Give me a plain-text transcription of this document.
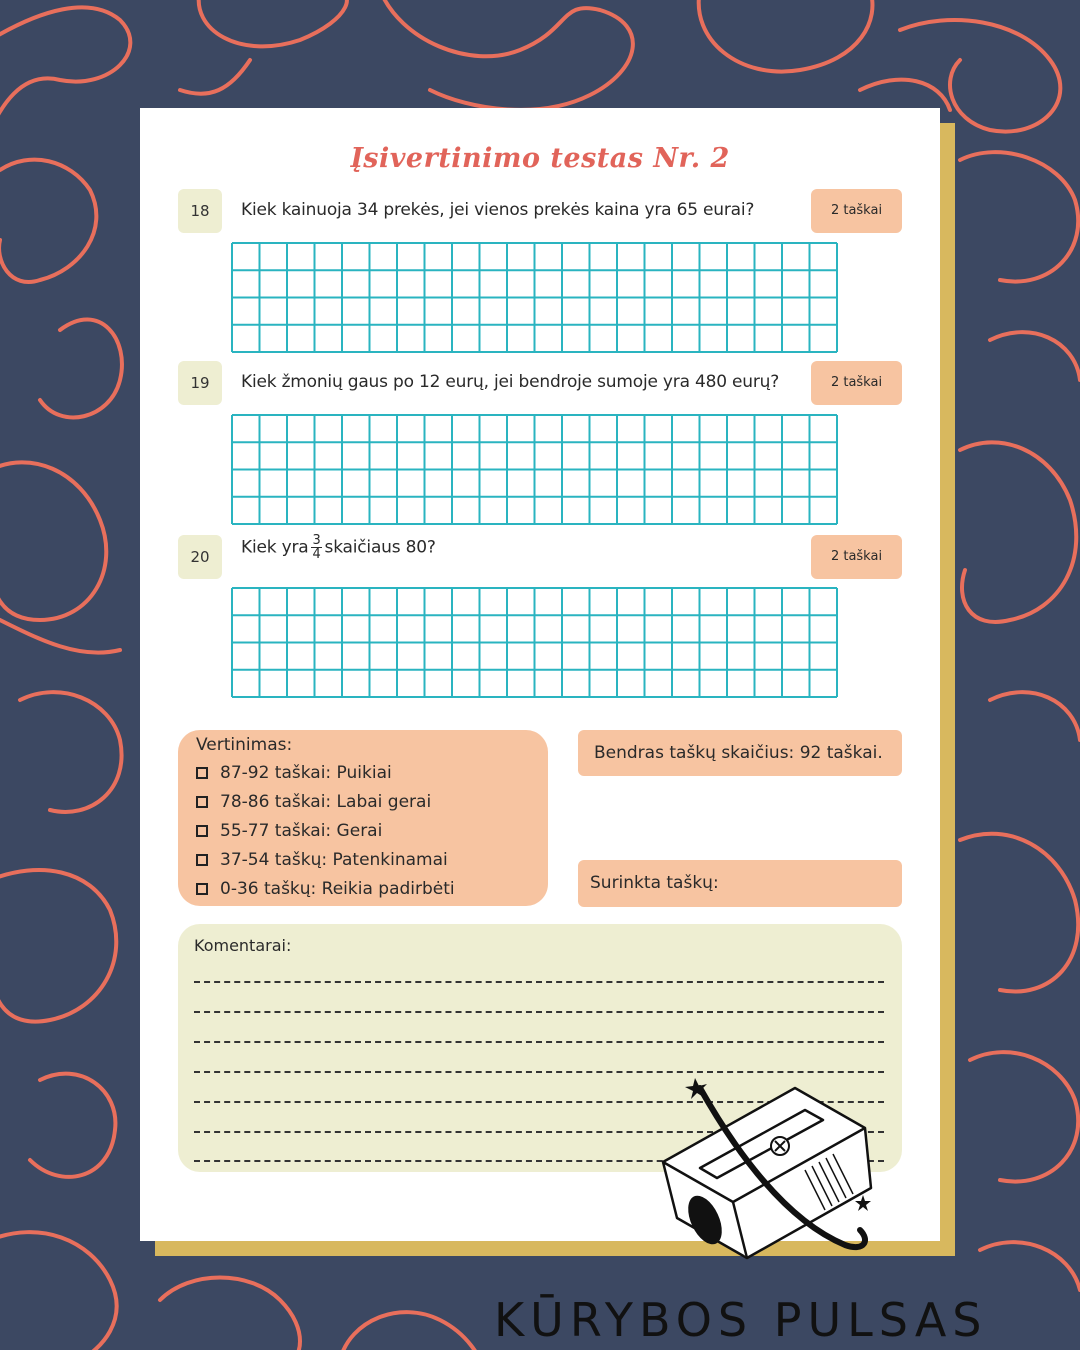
Įsivertinimo testas Nr. 2
18	Kiek kainuoja 34 prekės, jei vienos prekės kaina yra 65 eurai?	2 taškai
19	Kiek žmonių gaus po 12 eurų, jei bendroje sumoje yra 480 eurų?	2 taškai
20	Kiek yra $\frac{3}{4}$ skaičiaus 80?	2 taškai
Vertinimas:
87-92 taškai: Puikiai
78-86 taškai: Labai gerai
55-77 taškai: Gerai
37-54 taškų: Patenkinamai
0-36 taškų: Reikia padirbėti
Bendras taškų skaičius: 92 taškai.
Surinkta taškų:
Komentarai:
KŪRYBOS PULSAS
